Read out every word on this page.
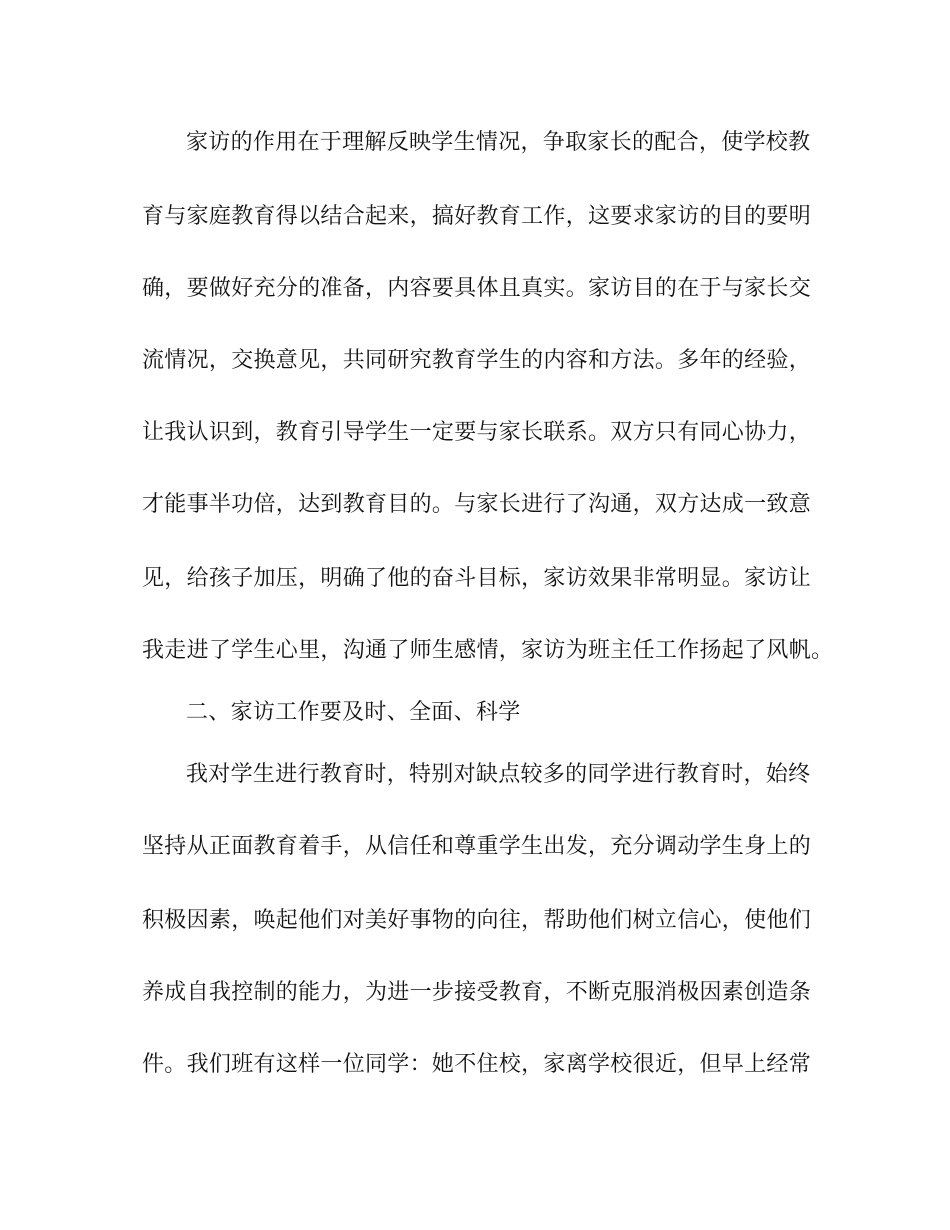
家访的作用在于理解反映学生情况，争取家长的配合，使学校教
育与家庭教育得以结合起来，搞好教育工作，这要求家访的目的要明
确，要做好充分的准备，内容要具体且真实。家访目的在于与家长交
流情况，交换意见，共同研究教育学生的内容和方法。多年的经验，
让我认识到，教育引导学生一定要与家长联系。双方只有同心协力，
才能事半功倍，达到教育目的。与家长进行了沟通，双方达成一致意
见，给孩子加压，明确了他的奋斗目标，家访效果非常明显。家访让
我走进了学生心里，沟通了师生感情，家访为班主任工作扬起了风帆。
二、家访工作要及时、全面、科学
我对学生进行教育时，特别对缺点较多的同学进行教育时，始终
坚持从正面教育着手，从信任和尊重学生出发，充分调动学生身上的
积极因素，唤起他们对美好事物的向往，帮助他们树立信心，使他们
养成自我控制的能力，为进一步接受教育，不断克服消极因素创造条
件。我们班有这样一位同学：她不住校，家离学校很近，但早上经常
